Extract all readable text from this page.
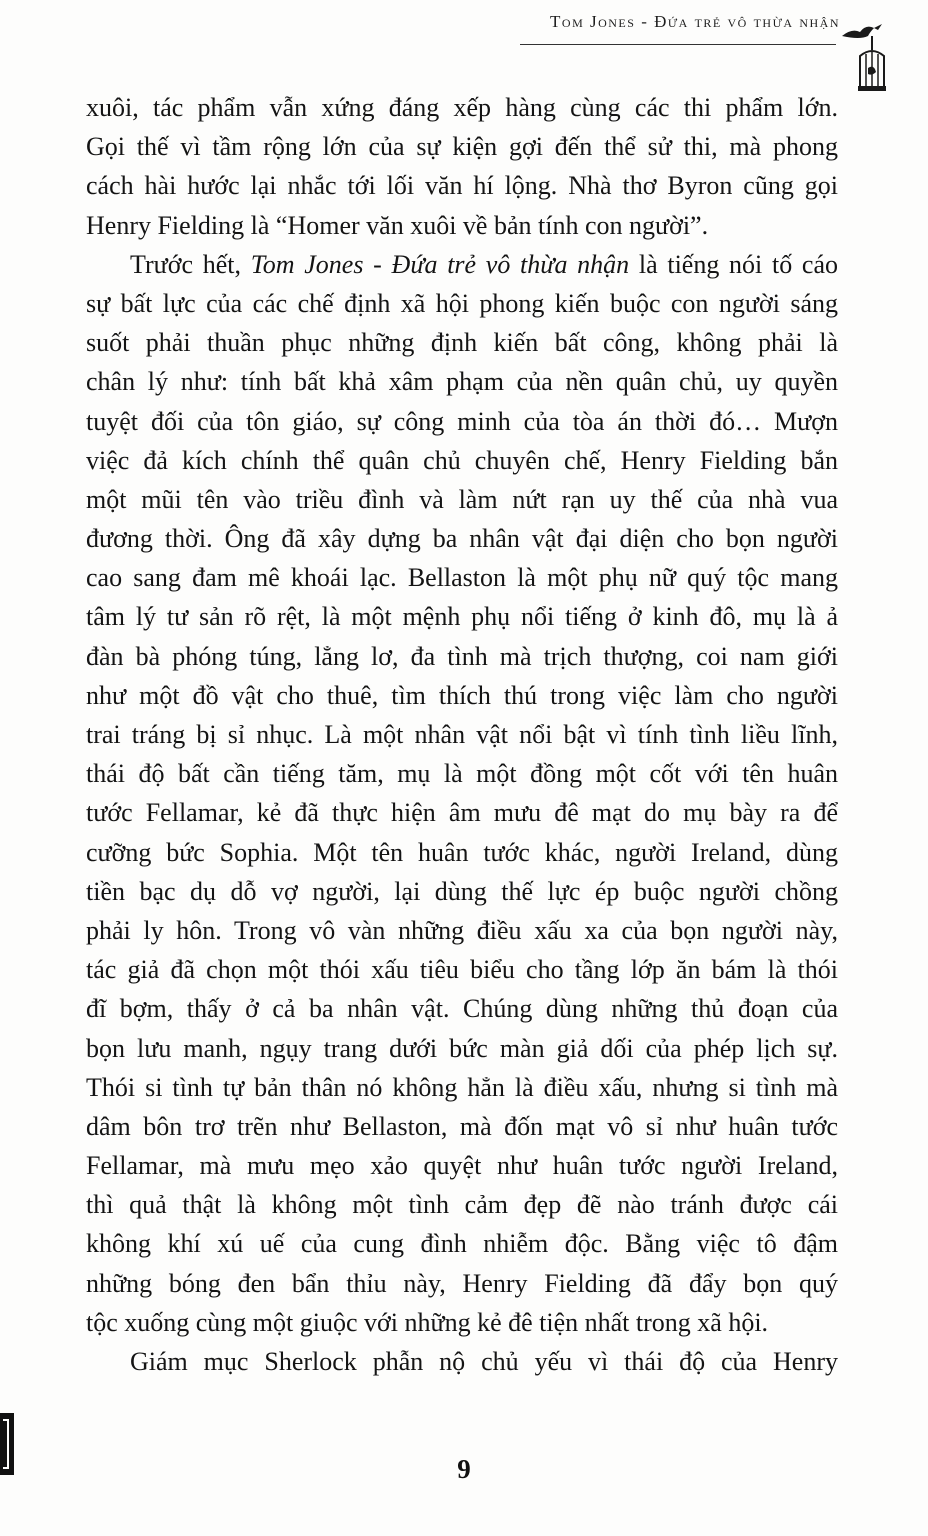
Tom Jones - Đứa trẻ vô thừa nhận
xuôi, tác phẩm vẫn xứng đáng xếp hàng cùng các thi phẩm lớn.
Gọi thế vì tầm rộng lớn của sự kiện gợi đến thể sử thi, mà phong
cách hài hước lại nhắc tới lối văn hí lộng. Nhà thơ Byron cũng gọi
Henry Fielding là “Homer văn xuôi về bản tính con người”.
Trước hết, Tom Jones - Đứa trẻ vô thừa nhận là tiếng nói tố cáo
sự bất lực của các chế định xã hội phong kiến buộc con người sáng
suốt phải thuần phục những định kiến bất công, không phải là
chân lý như: tính bất khả xâm phạm của nền quân chủ, uy quyền
tuyệt đối của tôn giáo, sự công minh của tòa án thời đó… Mượn
việc đả kích chính thể quân chủ chuyên chế, Henry Fielding bắn
một mũi tên vào triều đình và làm nứt rạn uy thế của nhà vua
đương thời. Ông đã xây dựng ba nhân vật đại diện cho bọn người
cao sang đam mê khoái lạc. Bellaston là một phụ nữ quý tộc mang
tâm lý tư sản rõ rệt, là một mệnh phụ nổi tiếng ở kinh đô, mụ là ả
đàn bà phóng túng, lẳng lơ, đa tình mà trịch thượng, coi nam giới
như một đồ vật cho thuê, tìm thích thú trong việc làm cho người
trai tráng bị sỉ nhục. Là một nhân vật nổi bật vì tính tình liều lĩnh,
thái độ bất cần tiếng tăm, mụ là một đồng một cốt với tên huân
tước Fellamar, kẻ đã thực hiện âm mưu đê mạt do mụ bày ra để
cưỡng bức Sophia. Một tên huân tước khác, người Ireland, dùng
tiền bạc dụ dỗ vợ người, lại dùng thế lực ép buộc người chồng
phải ly hôn. Trong vô vàn những điều xấu xa của bọn người này,
tác giả đã chọn một thói xấu tiêu biểu cho tầng lớp ăn bám là thói
đĩ bợm, thấy ở cả ba nhân vật. Chúng dùng những thủ đoạn của
bọn lưu manh, ngụy trang dưới bức màn giả dối của phép lịch sự.
Thói si tình tự bản thân nó không hẳn là điều xấu, nhưng si tình mà
dâm bôn trơ trẽn như Bellaston, mà đốn mạt vô sỉ như huân tước
Fellamar, mà mưu mẹo xảo quyệt như huân tước người Ireland,
thì quả thật là không một tình cảm đẹp đẽ nào tránh được cái
không khí xú uế của cung đình nhiễm độc. Bằng việc tô đậm
những bóng đen bẩn thỉu này, Henry Fielding đã đẩy bọn quý
tộc xuống cùng một giuộc với những kẻ đê tiện nhất trong xã hội.
Giám mục Sherlock phẫn nộ chủ yếu vì thái độ của Henry
9
